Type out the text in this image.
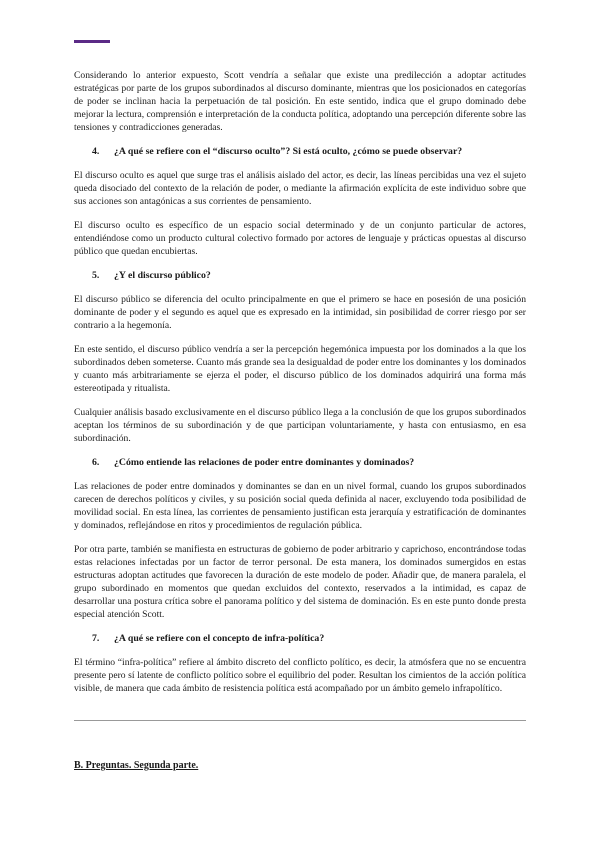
Considerando lo anterior expuesto, Scott vendría a señalar que existe una predilección a adoptar actitudes estratégicas por parte de los grupos subordinados al discurso dominante, mientras que los posicionados en categorías de poder se inclinan hacia la perpetuación de tal posición. En este sentido, indica que el grupo dominado debe mejorar la lectura, comprensión e interpretación de la conducta política, adoptando una percepción diferente sobre las tensiones y contradicciones generadas.

4.	¿A qué se refiere con el “discurso oculto”? Si está oculto, ¿cómo se puede observar?

El discurso oculto es aquel que surge tras el análisis aislado del actor, es decir, las líneas percibidas una vez el sujeto queda disociado del contexto de la relación de poder, o mediante la afirmación explícita de este individuo sobre que sus acciones son antagónicas a sus corrientes de pensamiento.

El discurso oculto es específico de un espacio social determinado y de un conjunto particular de actores, entendiéndose como un producto cultural colectivo formado por actores de lenguaje y prácticas opuestas al discurso público que quedan encubiertas.

5.	¿Y el discurso público?

El discurso público se diferencia del oculto principalmente en que el primero se hace en posesión de una posición dominante de poder y el segundo es aquel que es expresado en la intimidad, sin posibilidad de correr riesgo por ser contrario a la hegemonía.

En este sentido, el discurso público vendría a ser la percepción hegemónica impuesta por los dominados a la que los subordinados deben someterse. Cuanto más grande sea la desigualdad de poder entre los dominantes y los dominados y cuanto más arbitrariamente se ejerza el poder, el discurso público de los dominados adquirirá una forma más estereotipada y ritualista.

Cualquier análisis basado exclusivamente en el discurso público llega a la conclusión de que los grupos subordinados aceptan los términos de su subordinación y de que participan voluntariamente, y hasta con entusiasmo, en esa subordinación.

6.	¿Cómo entiende las relaciones de poder entre dominantes y dominados?

Las relaciones de poder entre dominados y dominantes se dan en un nivel formal, cuando los grupos subordinados carecen de derechos políticos y civiles, y su posición social queda definida al nacer, excluyendo toda posibilidad de movilidad social. En esta línea, las corrientes de pensamiento justifican esta jerarquía y estratificación de dominantes y dominados, reflejándose en ritos y procedimientos de regulación pública.

Por otra parte, también se manifiesta en estructuras de gobierno de poder arbitrario y caprichoso, encontrándose todas estas relaciones infectadas por un factor de terror personal. De esta manera, los dominados sumergidos en estas estructuras adoptan actitudes que favorecen la duración de este modelo de poder. Añadir que, de manera paralela, el grupo subordinado en momentos que quedan excluidos del contexto, reservados a la intimidad, es capaz de desarrollar una postura crítica sobre el panorama político y del sistema de dominación. Es en este punto donde presta especial atención Scott.

7.	¿A qué se refiere con el concepto de infra-política?

El término “infra-política” refiere al ámbito discreto del conflicto político, es decir, la atmósfera que no se encuentra presente pero sí latente de conflicto político sobre el equilibrio del poder. Resultan los cimientos de la acción política visible, de manera que cada ámbito de resistencia política está acompañado por un ámbito gemelo infrapolítico.

B. Preguntas. Segunda parte.
